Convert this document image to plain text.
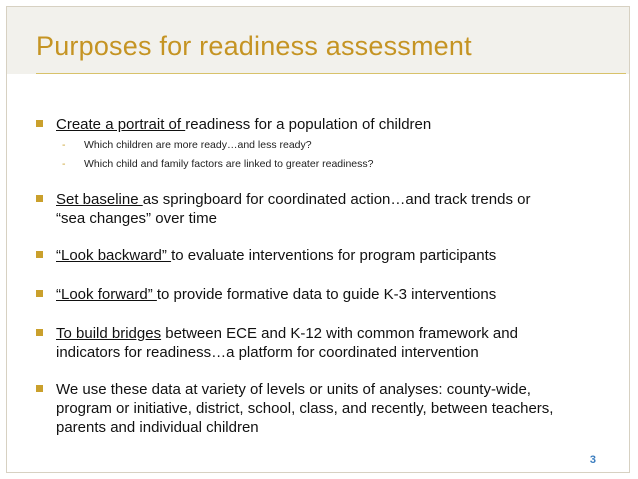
Purposes for readiness assessment
Create a portrait of readiness for a population of children
- Which children are more ready…and less ready?
- Which child and family factors are linked to greater readiness?
Set baseline as springboard for coordinated action…and track trends or
“sea changes” over time
“Look backward” to evaluate interventions for program participants
“Look forward” to provide formative data to guide K-3 interventions
To build bridges between ECE and K-12 with common framework and
indicators for readiness…a platform for coordinated intervention
We use these data at variety of levels or units of analyses: county-wide,
program or initiative, district, school, class, and recently, between teachers,
parents and individual children
3
